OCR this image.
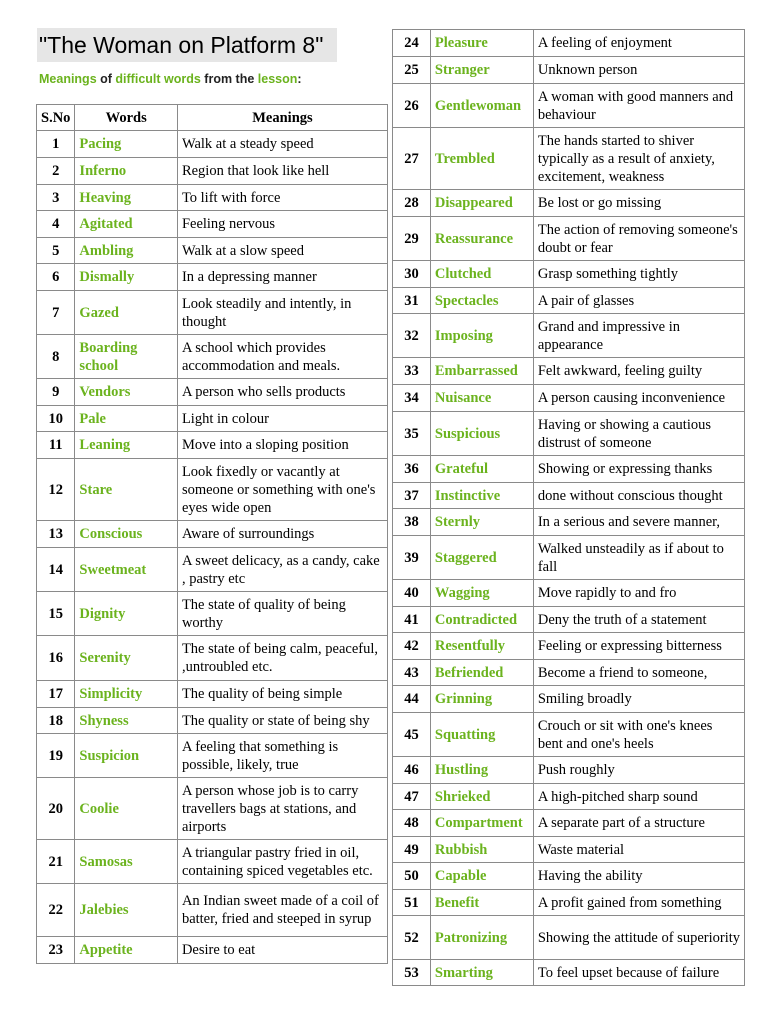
"The Woman on Platform 8"
Meanings of difficult words from the lesson:
S.No	Words	Meanings
1	Pacing	Walk at a steady speed
2	Inferno	Region that look like hell
3	Heaving	To lift with force
4	Agitated	Feeling nervous
5	Ambling	Walk at a slow speed
6	Dismally	In a depressing manner
7	Gazed	Look steadily and intently, in thought
8	Boarding school	A school which provides accommodation and meals.
9	Vendors	A person who sells products
10	Pale	Light in colour
11	Leaning	Move into a sloping position
12	Stare	Look fixedly or vacantly at someone or something with one's eyes wide open
13	Conscious	Aware of surroundings
14	Sweetmeat	A sweet delicacy, as a candy, cake , pastry etc
15	Dignity	The state of quality of being worthy
16	Serenity	The state of being calm, peaceful, ,untroubled etc.
17	Simplicity	The quality of being simple
18	Shyness	The quality or state of being shy
19	Suspicion	A feeling that something is possible, likely, true
20	Coolie	A person whose job is to carry travellers bags at stations, and airports
21	Samosas	A triangular pastry fried in oil, containing spiced vegetables etc.
22	Jalebies	An Indian sweet made of a coil of batter, fried and steeped in syrup
23	Appetite	Desire to eat
24	Pleasure	A feeling of enjoyment
25	Stranger	Unknown person
26	Gentlewoman	A woman with good manners and behaviour
27	Trembled	The hands started to shiver typically as a result of anxiety, excitement, weakness
28	Disappeared	Be lost or go missing
29	Reassurance	The action of removing someone's doubt or fear
30	Clutched	Grasp something tightly
31	Spectacles	A pair of glasses
32	Imposing	Grand and impressive in appearance
33	Embarrassed	Felt awkward, feeling guilty
34	Nuisance	A person causing inconvenience
35	Suspicious	Having or showing a cautious distrust of someone
36	Grateful	Showing or expressing thanks
37	Instinctive	done without conscious thought
38	Sternly	In a serious and severe manner,
39	Staggered	Walked unsteadily as if about to fall
40	Wagging	Move rapidly to and fro
41	Contradicted	Deny the truth of a statement
42	Resentfully	Feeling or expressing bitterness
43	Befriended	Become a friend to someone,
44	Grinning	Smiling broadly
45	Squatting	Crouch or sit with one's knees bent and one's heels
46	Hustling	Push roughly
47	Shrieked	A high-pitched sharp sound
48	Compartment	A separate part of a structure
49	Rubbish	Waste material
50	Capable	Having the ability
51	Benefit	A profit gained from something
52	Patronizing	Showing the attitude of superiority
53	Smarting	To feel upset because of failure
